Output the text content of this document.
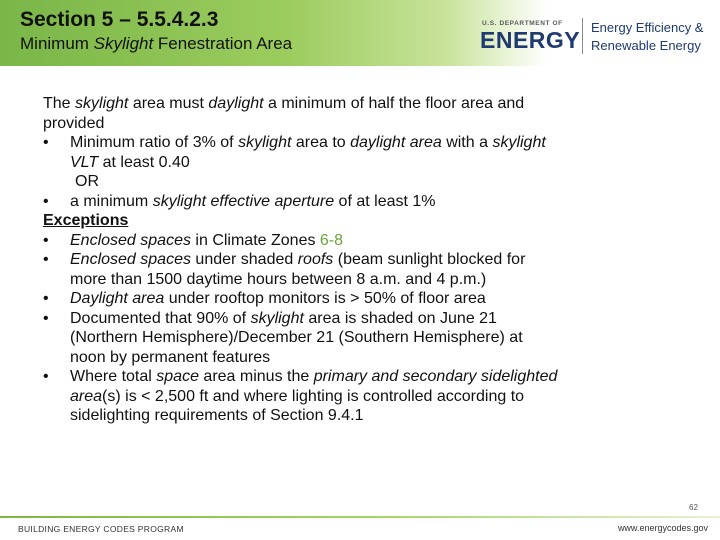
Section 5 – 5.5.4.2.3
Minimum Skylight Fenestration Area
U.S. DEPARTMENT OF
ENERGY Energy Efficiency &
Renewable Energy
The skylight area must daylight a minimum of half the floor area and
provided
• Minimum ratio of 3% of skylight area to daylight area with a skylight
VLT at least 0.40
OR
• a minimum skylight effective aperture of at least 1%
Exceptions
• Enclosed spaces in Climate Zones 6-8
• Enclosed spaces under shaded roofs (beam sunlight blocked for
more than 1500 daytime hours between 8 a.m. and 4 p.m.)
• Daylight area under rooftop monitors is > 50% of floor area
• Documented that 90% of skylight area is shaded on June 21
(Northern Hemisphere)/December 21 (Southern Hemisphere) at
noon by permanent features
• Where total space area minus the primary and secondary sidelighted
area(s) is < 2,500 ft and where lighting is controlled according to
sidelighting requirements of Section 9.4.1
62
BUILDING ENERGY CODES PROGRAM	www.energycodes.gov
